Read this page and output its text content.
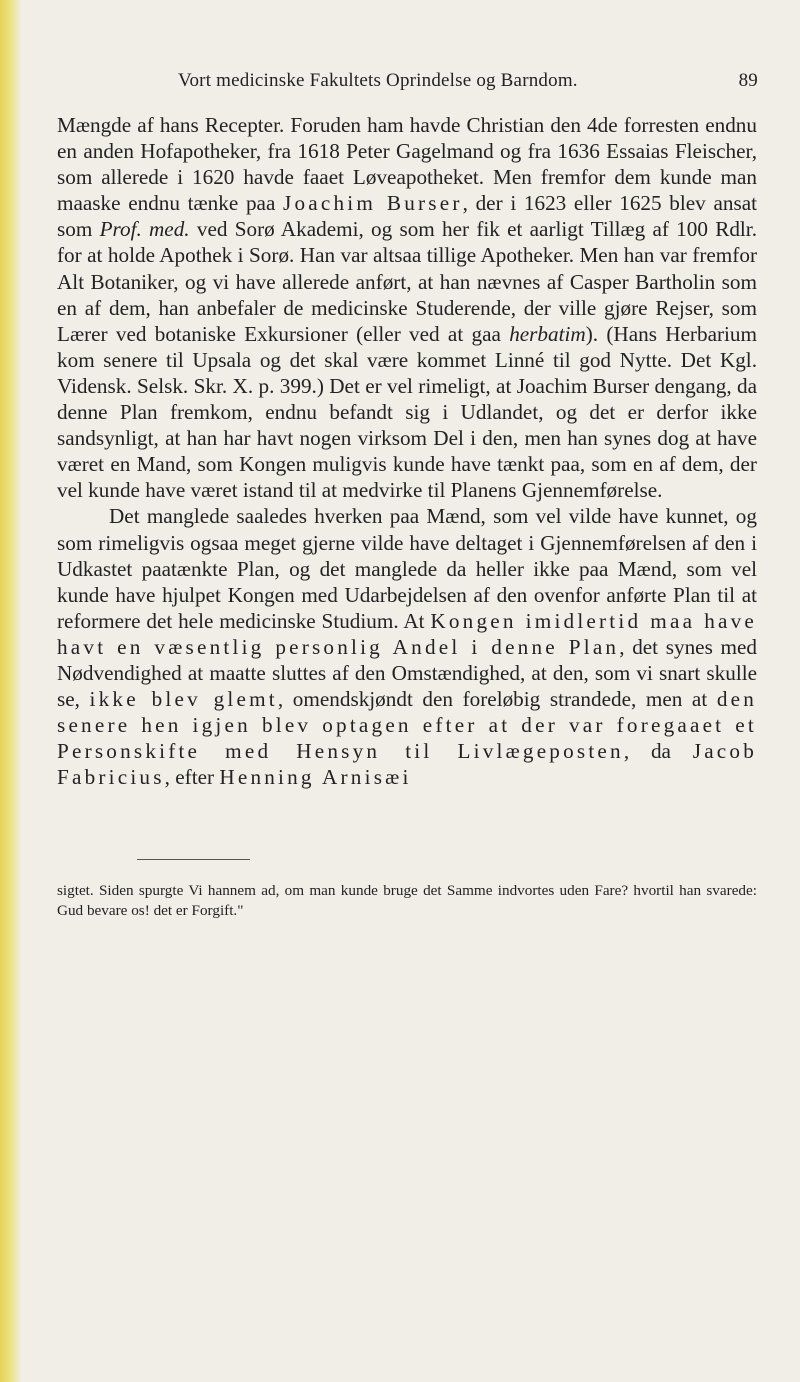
Vort medicinske Fakultets Oprindelse og Barndom.	89

Mængde af hans Recepter. Foruden ham havde Christian den 4de forresten endnu en anden Hofapotheker, fra 1618 Peter Gagelmand og fra 1636 Essaias Fleischer, som allerede i 1620 havde faaet Løveapotheket. Men fremfor dem kunde man maaske endnu tænke paa Joachim Burser, der i 1623 eller 1625 blev ansat som Prof. med. ved Sorø Akademi, og som her fik et aarligt Tillæg af 100 Rdlr. for at holde Apothek i Sorø. Han var altsaa tillige Apotheker. Men han var fremfor Alt Botaniker, og vi have allerede anført, at han nævnes af Casper Bartholin som en af dem, han anbefaler de medicinske Studerende, der ville gjøre Rejser, som Lærer ved botaniske Exkursioner (eller ved at gaa herbatim). (Hans Herbarium kom senere til Upsala og det skal være kommet Linné til god Nytte. Det Kgl. Vidensk. Selsk. Skr. X. p. 399.) Det er vel rimeligt, at Joachim Burser dengang, da denne Plan fremkom, endnu befandt sig i Udlandet, og det er derfor ikke sandsynligt, at han har havt nogen virksom Del i den, men han synes dog at have været en Mand, som Kongen muligvis kunde have tænkt paa, som en af dem, der vel kunde have været istand til at medvirke til Planens Gjennemførelse.

Det manglede saaledes hverken paa Mænd, som vel vilde have kunnet, og som rimeligvis ogsaa meget gjerne vilde have deltaget i Gjennemførelsen af den i Udkastet paatænkte Plan, og det manglede da heller ikke paa Mænd, som vel kunde have hjulpet Kongen med Udarbejdelsen af den ovenfor anførte Plan til at reformere det hele medicinske Studium. At Kongen imidlertid maa have havt en væsentlig personlig Andel i denne Plan, det synes med Nødvendighed at maatte sluttes af den Omstændighed, at den, som vi snart skulle se, ikke blev glemt, omendskjøndt den foreløbig strandede, men at den senere hen igjen blev optagen efter at der var foregaaet et Personskifte med Hensyn til Livlægeposten, da Jacob Fabricius, efter Henning Arnisæi

sigtet. Siden spurgte Vi hannem ad, om man kunde bruge det Samme indvortes uden Fare? hvortil han svarede: Gud bevare os! det er Forgift."
